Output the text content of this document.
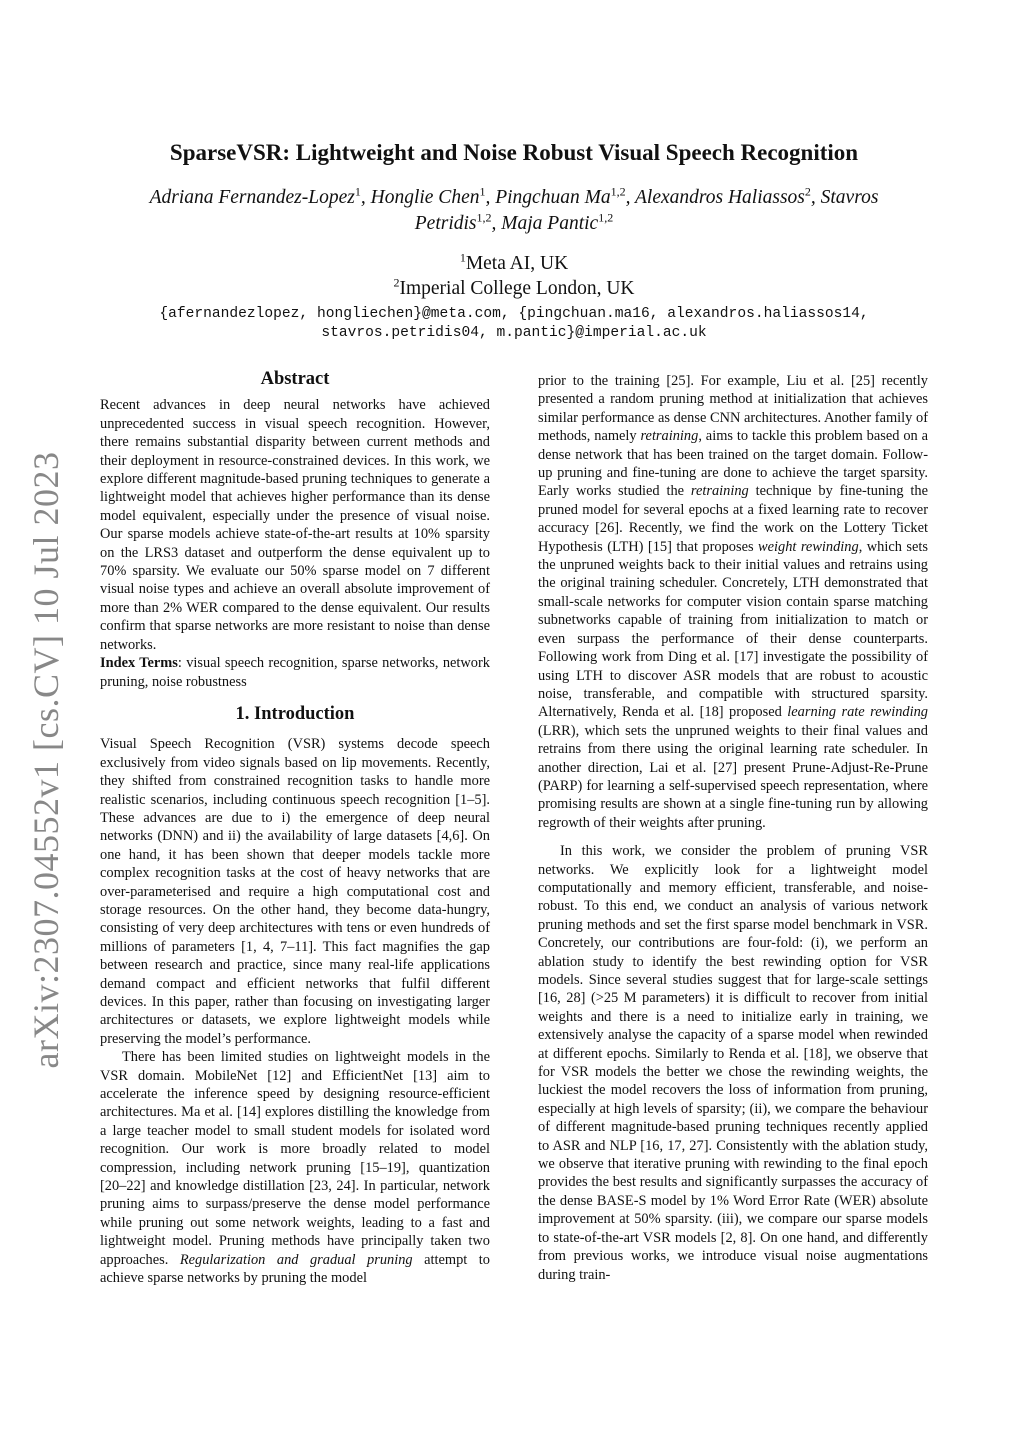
arXiv:2307.04552v1 [cs.CV] 10 Jul 2023
SparseVSR: Lightweight and Noise Robust Visual Speech Recognition
Adriana Fernandez-Lopez$^1$, Honglie Chen$^1$, Pingchuan Ma$^{1,2}$, Alexandros Haliassos$^2$, Stavros Petridis$^{1,2}$, Maja Pantic$^{1,2}$
$^1$Meta AI, UK
$^2$Imperial College London, UK
{afernandezlopez, hongliechen}@meta.com, {pingchuan.ma16, alexandros.haliassos14,
stavros.petridis04, m.pantic}@imperial.ac.uk
Abstract

Recent advances in deep neural networks have achieved unprecedented success in visual speech recognition. However, there remains substantial disparity between current methods and their deployment in resource-constrained devices. In this work, we explore different magnitude-based pruning techniques to generate a lightweight model that achieves higher performance than its dense model equivalent, especially under the presence of visual noise. Our sparse models achieve state-of-the-art results at 10% sparsity on the LRS3 dataset and outperform the dense equivalent up to 70% sparsity. We evaluate our 50% sparse model on 7 different visual noise types and achieve an overall absolute improvement of more than 2% WER compared to the dense equivalent. Our results confirm that sparse networks are more resistant to noise than dense networks.

Index Terms: visual speech recognition, sparse networks, network pruning, noise robustness

1. Introduction

Visual Speech Recognition (VSR) systems decode speech exclusively from video signals based on lip movements. Recently, they shifted from constrained recognition tasks to handle more realistic scenarios, including continuous speech recognition [1–5]. These advances are due to i) the emergence of deep neural networks (DNN) and ii) the availability of large datasets [4,6]. On one hand, it has been shown that deeper models tackle more complex recognition tasks at the cost of heavy networks that are over-parameterised and require a high computational cost and storage resources. On the other hand, they become data-hungry, consisting of very deep architectures with tens or even hundreds of millions of parameters [1, 4, 7–11]. This fact magnifies the gap between research and practice, since many real-life applications demand compact and efficient networks that fulfil different devices. In this paper, rather than focusing on investigating larger architectures or datasets, we explore lightweight models while preserving the model’s performance.

There has been limited studies on lightweight models in the VSR domain. MobileNet [12] and EfficientNet [13] aim to accelerate the inference speed by designing resource-efficient architectures. Ma et al. [14] explores distilling the knowledge from a large teacher model to small student models for isolated word recognition. Our work is more broadly related to model compression, including network pruning [15–19], quantization [20–22] and knowledge distillation [23, 24]. In particular, network pruning aims to surpass/preserve the dense model performance while pruning out some network weights, leading to a fast and lightweight model. Pruning methods have principally taken two approaches. Regularization and gradual pruning attempt to achieve sparse networks by pruning the model

prior to the training [25]. For example, Liu et al. [25] recently presented a random pruning method at initialization that achieves similar performance as dense CNN architectures. Another family of methods, namely retraining, aims to tackle this problem based on a dense network that has been trained on the target domain. Follow-up pruning and fine-tuning are done to achieve the target sparsity. Early works studied the retraining technique by fine-tuning the pruned model for several epochs at a fixed learning rate to recover accuracy [26]. Recently, we find the work on the Lottery Ticket Hypothesis (LTH) [15] that proposes weight rewinding, which sets the unpruned weights back to their initial values and retrains using the original training scheduler. Concretely, LTH demonstrated that small-scale networks for computer vision contain sparse matching subnetworks capable of training from initialization to match or even surpass the performance of their dense counterparts. Following work from Ding et al. [17] investigate the possibility of using LTH to discover ASR models that are robust to acoustic noise, transferable, and compatible with structured sparsity. Alternatively, Renda et al. [18] proposed learning rate rewinding (LRR), which sets the unpruned weights to their final values and retrains from there using the original learning rate scheduler. In another direction, Lai et al. [27] present Prune-Adjust-Re-Prune (PARP) for learning a self-supervised speech representation, where promising results are shown at a single fine-tuning run by allowing regrowth of their weights after pruning.

In this work, we consider the problem of pruning VSR networks. We explicitly look for a lightweight model computationally and memory efficient, transferable, and noise-robust. To this end, we conduct an analysis of various network pruning methods and set the first sparse model benchmark in VSR. Concretely, our contributions are four-fold: (i), we perform an ablation study to identify the best rewinding option for VSR models. Since several studies suggest that for large-scale settings [16, 28] (>25 M parameters) it is difficult to recover from initial weights and there is a need to initialize early in training, we extensively analyse the capacity of a sparse model when rewinded at different epochs. Similarly to Renda et al. [18], we observe that for VSR models the better we chose the rewinding weights, the luckiest the model recovers the loss of information from pruning, especially at high levels of sparsity; (ii), we compare the behaviour of different magnitude-based pruning techniques recently applied to ASR and NLP [16, 17, 27]. Consistently with the ablation study, we observe that iterative pruning with rewinding to the final epoch provides the best results and significantly surpasses the accuracy of the dense BASE-S model by 1% Word Error Rate (WER) absolute improvement at 50% sparsity. (iii), we compare our sparse models to state-of-the-art VSR models [2, 8]. On one hand, and differently from previous works, we introduce visual noise augmentations during train-
